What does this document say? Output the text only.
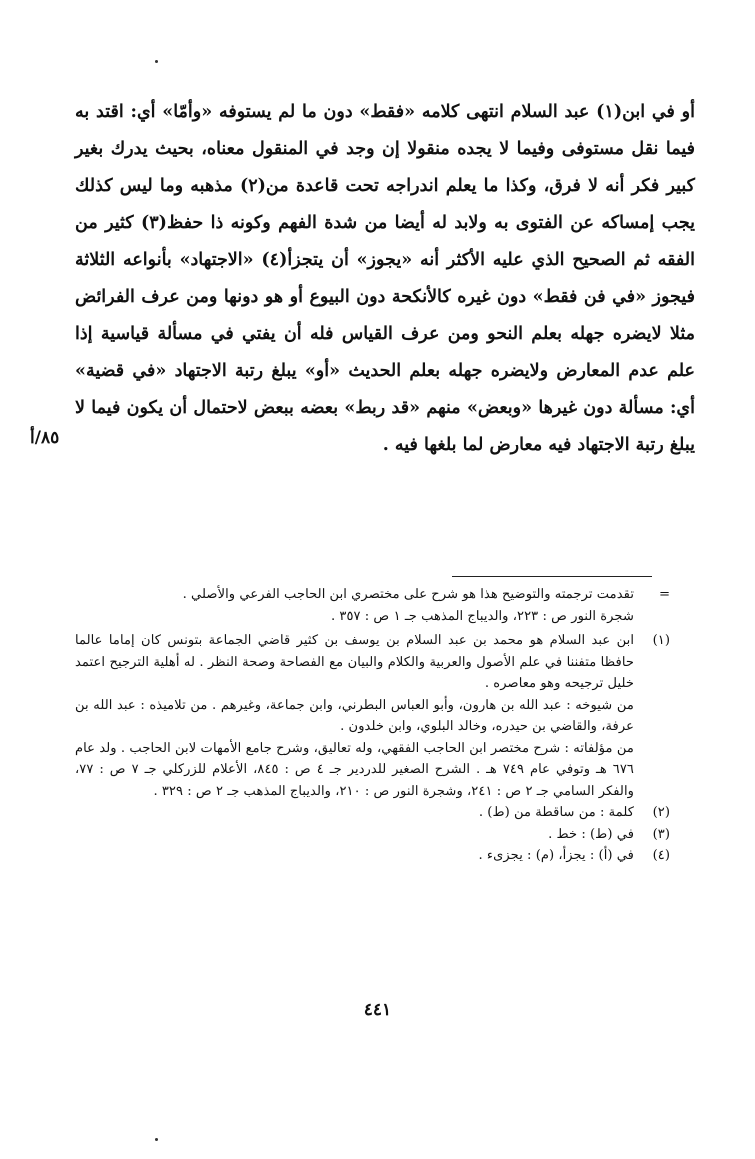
أو في ابن(١) عبد السلام انتهى كلامه «فقط» دون ما لم يستوفه «وأمّا» أي: اقتد به فيما نقل مستوفى وفيما لا يجده منقولا إن وجد في المنقول معناه، بحيث يدرك بغير كبير فكر أنه لا فرق، وكذا ما يعلم اندراجه تحت قاعدة من(٢) مذهبه وما ليس كذلك يجب إمساكه عن الفتوى به ولابد له أيضا من شدة الفهم وكونه ذا حفظ(٣) كثير من الفقه ثم الصحيح الذي عليه الأكثر أنه «يجوز» أن يتجزأ(٤) «الاجتهاد» بأنواعه الثلاثة فيجوز «في فن فقط» دون غيره كالأنكحة دون البيوع أو هو دونها ومن عرف الفرائض مثلا لايضره جهله بعلم النحو ومن عرف القياس فله أن يفتي في مسألة قياسية إذا علم عدم المعارض ولايضره جهله بعلم الحديث «أو» يبلغ رتبة الاجتهاد «في قضية» أي: مسألة دون غيرها «وبعض» منهم «قد ربط» بعضه ببعض لاحتمال أن يكون فيما لا يبلغ رتبة الاجتهاد فيه معارض لما بلغها فيه .

٨٥/أ
=
تقدمت ترجمته والتوضيح هذا هو شرح على مختصري ابن الحاجب الفرعي والأصلي .
شجرة النور ص : ٢٢٣، والديباج المذهب جـ ١ ص : ٣٥٧ .
(١)
ابن عبد السلام هو محمد بن عبد السلام بن يوسف بن كثير قاضي الجماعة بتونس كان إماما عالما حافظا متفننا في علم الأصول والعربية والكلام والبيان مع الفصاحة وصحة النظر . له أهلية الترجيح اعتمد خليل ترجيحه وهو معاصره .
من شيوخه : عبد الله بن هارون، وأبو العباس البطرني، وابن جماعة، وغيرهم . من تلاميذه : عبد الله بن عرفة، والقاضي بن حيدره، وخالد البلوي، وابن خلدون .
من مؤلفاته : شرح مختصر ابن الحاجب الفقهي، وله تعاليق، وشرح جامع الأمهات لابن الحاجب . ولد عام ٦٧٦ هـ وتوفي عام ٧٤٩ هـ . الشرح الصغير للدردير جـ ٤ ص : ٨٤٥، الأعلام للزركلي جـ ٧ ص : ٧٧، والفكر السامي جـ ٢ ص : ٢٤١، وشجرة النور ص : ٢١٠، والديباج المذهب جـ ٢ ص : ٣٢٩ .
(٢)
كلمة : من ساقطة من (ط) .
(٣)
في (ط) : خط .
(٤)
في (أ) : يجزأ، (م) : يجزىء .
٤٤١
